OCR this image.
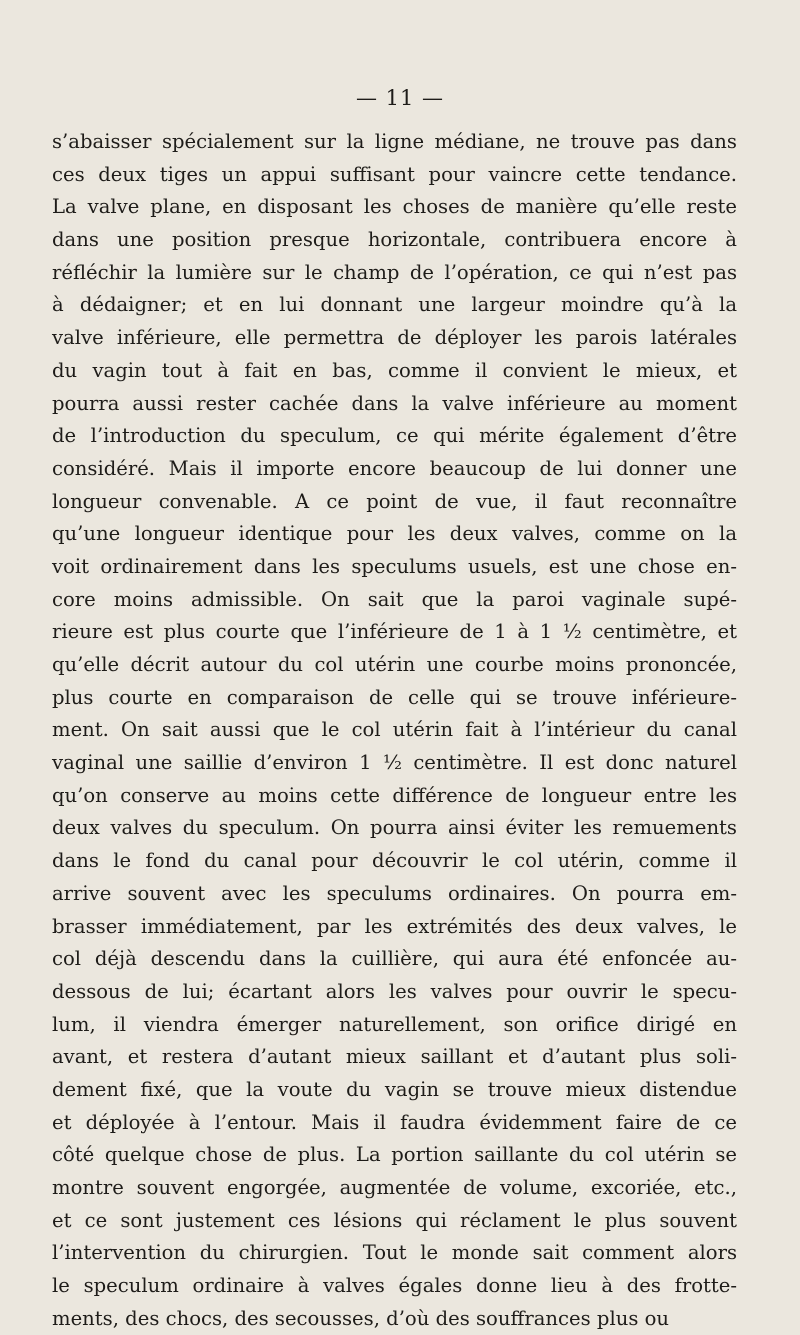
— 11 —
s’abaisser spécialement sur la ligne médiane, ne trouve pas dans
ces deux tiges un appui suffisant pour vaincre cette tendance.
La valve plane, en disposant les choses de manière qu’elle reste
dans une position presque horizontale, contribuera encore à
réfléchir la lumière sur le champ de l’opération, ce qui n’est pas
à dédaigner; et en lui donnant une largeur moindre qu’à la
valve inférieure, elle permettra de déployer les parois latérales
du vagin tout à fait en bas, comme il convient le mieux, et
pourra aussi rester cachée dans la valve inférieure au moment
de l’introduction du speculum, ce qui mérite également d’être
considéré. Mais il importe encore beaucoup de lui donner une
longueur convenable. A ce point de vue, il faut reconnaître
qu’une longueur identique pour les deux valves, comme on la
voit ordinairement dans les speculums usuels, est une chose en-
core moins admissible. On sait que la paroi vaginale supé-
rieure est plus courte que l’inférieure de 1 à 1 ½ centimètre, et
qu’elle décrit autour du col utérin une courbe moins prononcée,
plus courte en comparaison de celle qui se trouve inférieure-
ment. On sait aussi que le col utérin fait à l’intérieur du canal
vaginal une saillie d’environ 1 ½ centimètre. Il est donc naturel
qu’on conserve au moins cette différence de longueur entre les
deux valves du speculum. On pourra ainsi éviter les remuements
dans le fond du canal pour découvrir le col utérin, comme il
arrive souvent avec les speculums ordinaires. On pourra em-
brasser immédiatement, par les extrémités des deux valves, le
col déjà descendu dans la cuillière, qui aura été enfoncée au-
dessous de lui; écartant alors les valves pour ouvrir le specu-
lum, il viendra émerger naturellement, son orifice dirigé en
avant, et restera d’autant mieux saillant et d’autant plus soli-
dement fixé, que la voute du vagin se trouve mieux distendue
et déployée à l’entour. Mais il faudra évidemment faire de ce
côté quelque chose de plus. La portion saillante du col utérin se
montre souvent engorgée, augmentée de volume, excoriée, etc.,
et ce sont justement ces lésions qui réclament le plus souvent
l’intervention du chirurgien. Tout le monde sait comment alors
le speculum ordinaire à valves égales donne lieu à des frotte-
ments, des chocs, des secousses, d’où des souffrances plus ou
